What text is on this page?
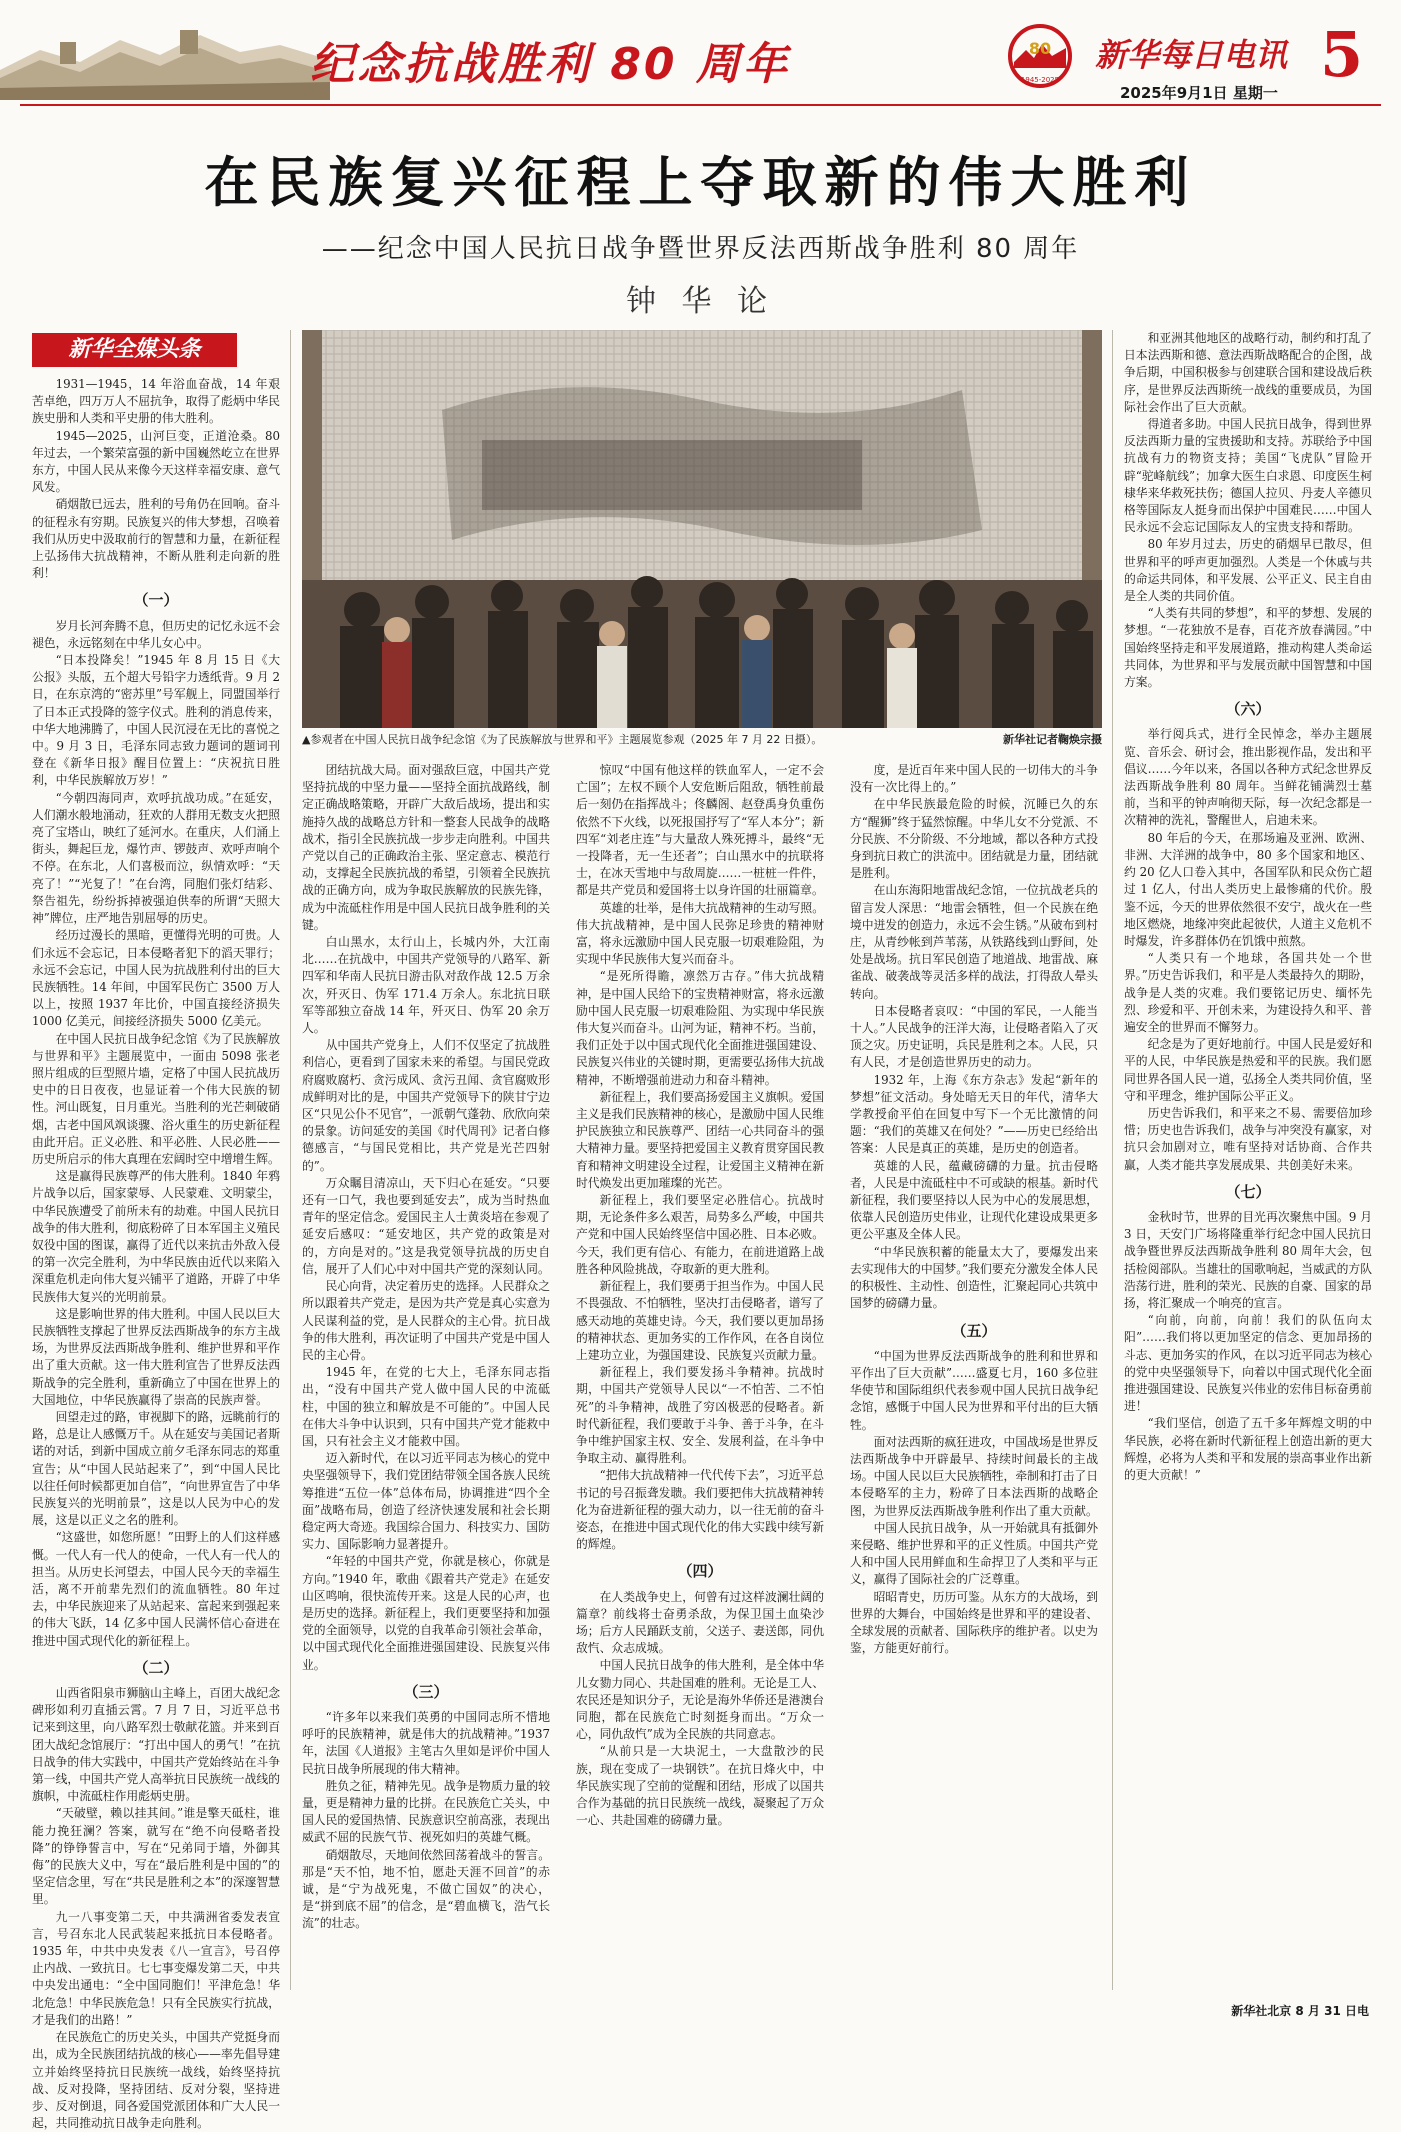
纪念抗战胜利 80 周年	80
1945-2025
新华每日电讯
2025年9月1日 星期一
5
在民族复兴征程上夺取新的伟大胜利
——纪念中国人民抗日战争暨世界反法西斯战争胜利 80 周年
钟 华 论
新华全媒头条
▲参观者在中国人民抗日战争纪念馆《为了民族解放与世界和平》主题展览参观（2025 年 7 月 22 日摄）。	新华社记者鞠焕宗摄

1931—1945，14 年浴血奋战，14 年艰苦卓绝，四万万人不屈抗争，取得了彪炳中华民族史册和人类和平史册的伟大胜利。

1945—2025，山河巨变，正道沧桑。80 年过去，一个繁荣富强的新中国巍然屹立在世界东方，中国人民从来像今天这样幸福安康、意气风发。

硝烟散已远去，胜利的号角仍在回响。奋斗的征程永有穷期。民族复兴的伟大梦想，召唤着我们从历史中汲取前行的智慧和力量，在新征程上弘扬伟大抗战精神，不断从胜利走向新的胜利！

（一）

岁月长河奔腾不息，但历史的记忆永远不会褪色，永远铭刻在中华儿女心中。

“日本投降矣！”1945 年 8 月 15 日《大公报》头版，五个超大号铅字力透纸背。9 月 2 日，在东京湾的“密苏里”号军舰上，同盟国举行了日本正式投降的签字仪式。胜利的消息传来，中华大地沸腾了，中国人民沉浸在无比的喜悦之中。9 月 3 日，毛泽东同志致力题词的题词刊登在《新华日报》醒目位置上：“庆祝抗日胜利，中华民族解放万岁！”

“今朝四海同声，欢呼抗战功成。”在延安，人们潮水般地涌动，狂欢的人群用无数支火把照亮了宝塔山，映红了延河水。在重庆，人们涌上街头，舞起巨龙，爆竹声、锣鼓声、欢呼声响个不停。在东北，人们喜极而泣，纵情欢呼：“天亮了！”“光复了！”在台湾，同胞们张灯结彩、祭告祖先，纷纷拆掉被强迫供奉的所谓“天照大神”牌位，庄严地告别屈辱的历史。

经历过漫长的黑暗，更懂得光明的可贵。人们永远不会忘记，日本侵略者犯下的滔天罪行；永远不会忘记，中国人民为抗战胜利付出的巨大民族牺牲。14 年间，中国军民伤亡 3500 万人以上，按照 1937 年比价，中国直接经济损失 1000 亿美元，间接经济损失 5000 亿美元。

在中国人民抗日战争纪念馆《为了民族解放与世界和平》主题展览中，一面由 5098 张老照片组成的巨型照片墙，定格了中国人民抗战历史中的日日夜夜，也显证着一个伟大民族的韧性。河山既复，日月重光。当胜利的光芒刺破硝烟，古老中国风飒谈骤、浴火重生的历史新征程由此开启。正义必胜、和平必胜、人民必胜——历史所启示的伟大真理在宏阔时空中增增生辉。

这是赢得民族尊严的伟大胜利。1840 年鸦片战争以后，国家蒙辱、人民蒙难、文明蒙尘，中华民族遭受了前所未有的劫难。中国人民抗日战争的伟大胜利，彻底粉碎了日本军国主义殖民奴役中国的图谋，赢得了近代以来抗击外敌入侵的第一次完全胜利，为中华民族由近代以来陷入深重危机走向伟大复兴铺平了道路，开辟了中华民族伟大复兴的光明前景。

这是影响世界的伟大胜利。中国人民以巨大民族牺牲支撑起了世界反法西斯战争的东方主战场，为世界反法西斯战争胜利、维护世界和平作出了重大贡献。这一伟大胜利宣告了世界反法西斯战争的完全胜利，重新确立了中国在世界上的大国地位，中华民族赢得了崇高的民族声誉。

回望走过的路，审视脚下的路，远眺前行的路，总是让人感慨万千。从在延安与美国记者斯诺的对话，到新中国成立前夕毛泽东同志的郑重宣告；从“中国人民站起来了”，到“中国人民比以往任何时候都更加自信”，“向世界宣告了中华民族复兴的光明前景”，这是以人民为中心的发展，这是以正义之名的胜利。

“这盛世，如您所愿！”田野上的人们这样感慨。一代人有一代人的使命，一代人有一代人的担当。从历史长河望去，中国人民今天的幸福生活，离不开前辈先烈们的流血牺牲。80 年过去，中华民族迎来了从站起来、富起来到强起来的伟大飞跃，14 亿多中国人民满怀信心奋进在推进中国式现代化的新征程上。

（二）

山西省阳泉市狮脑山主峰上，百团大战纪念碑形如利刃直插云霄。7 月 7 日，习近平总书记来到这里，向八路军烈士敬献花篮。并来到百团大战纪念馆展厅：“打出中国人的勇气！”在抗日战争的伟大实践中，中国共产党始终站在斗争第一线，中国共产党人高举抗日民族统一战线的旗帜，中流砥柱作用彪炳史册。

“天破壁，赖以挂其间。”谁是擎天砥柱，谁能力挽狂澜？答案，就写在“绝不向侵略者投降”的铮铮誓言中，写在“兄弟同于墙，外御其侮”的民族大义中，写在“最后胜利是中国的”的坚定信念里，写在“共民是胜利之本”的深邃智慧里。

九一八事变第二天，中共满洲省委发表宣言，号召东北人民武装起来抵抗日本侵略者。1935 年，中共中央发表《八一宣言》，号召停止内战、一致抗日。七七事变爆发第二天，中共中央发出通电：“全中国同胞们！平津危急！华北危急！中华民族危急！只有全民族实行抗战，才是我们的出路！”

在民族危亡的历史关头，中国共产党挺身而出，成为全民族团结抗战的核心——率先倡导建立并始终坚持抗日民族统一战线，始终坚持抗战、反对投降，坚持团结、反对分裂，坚持进步、反对倒退，同各爱国党派团体和广大人民一起，共同推动抗日战争走向胜利。

团结抗战大局。面对强敌巨寇，中国共产党坚持抗战的中坚力量——坚持全面抗战路线，制定正确战略策略，开辟广大敌后战场，提出和实施持久战的战略总方针和一整套人民战争的战略战术，指引全民族抗战一步步走向胜利。中国共产党以自己的正确政治主张、坚定意志、模范行动，支撑起全民族抗战的希望，引领着全民族抗战的正确方向，成为争取民族解放的民族先锋，成为中流砥柱作用是中国人民抗日战争胜利的关键。

白山黑水，太行山上，长城内外，大江南北……在抗战中，中国共产党领导的八路军、新四军和华南人民抗日游击队对敌作战 12.5 万余次，歼灭日、伪军 171.4 万余人。东北抗日联军等部独立奋战 14 年，歼灭日、伪军 20 余万人。

从中国共产党身上，人们不仅坚定了抗战胜利信心，更看到了国家未来的希望。与国民党政府腐败腐朽、贪污成风、贪污丑闻、贪官腐败形成鲜明对比的是，中国共产党领导下的陕甘宁边区“只见公仆不见官”，一派朝气蓬勃、欣欣向荣的景象。访问延安的美国《时代周刊》记者白修德感言，“与国民党相比，共产党是光芒四射的”。

万众瞩目清凉山，天下归心在延安。“只要还有一口气，我也要到延安去”，成为当时热血青年的坚定信念。爱国民主人士黄炎培在参观了延安后感叹：“延安地区，共产党的政策是对的，方向是对的。”这是我党领导抗战的历史自信，展开了人们心中对中国共产党的深刻认同。

民心向背，决定着历史的选择。人民群众之所以跟着共产党走，是因为共产党是真心实意为人民谋利益的党，是人民群众的主心骨。抗日战争的伟大胜利，再次证明了中国共产党是中国人民的主心骨。

1945 年，在党的七大上，毛泽东同志指出，“没有中国共产党人做中国人民的中流砥柱，中国的独立和解放是不可能的”。中国人民在伟大斗争中认识到，只有中国共产党才能救中国，只有社会主义才能救中国。

迈入新时代，在以习近平同志为核心的党中央坚强领导下，我们党团结带领全国各族人民统筹推进“五位一体”总体布局，协调推进“四个全面”战略布局，创造了经济快速发展和社会长期稳定两大奇迹。我国综合国力、科技实力、国防实力、国际影响力显著提升。

“年轻的中国共产党，你就是核心，你就是方向。”1940 年，歌曲《跟着共产党走》在延安山区鸣响，很快流传开来。这是人民的心声，也是历史的选择。新征程上，我们更要坚持和加强党的全面领导，以党的自我革命引领社会革命，以中国式现代化全面推进强国建设、民族复兴伟业。

（三）

“许多年以来我们英勇的中国同志所不惜地呼吁的民族精神，就是伟大的抗战精神。”1937 年，法国《人道报》主笔古久里如是评价中国人民抗日战争所展现的伟大精神。

胜负之征，精神先见。战争是物质力量的较量，更是精神力量的比拼。在民族危亡关头，中国人民的爱国热情、民族意识空前高涨，表现出威武不屈的民族气节、视死如归的英雄气概。

硝烟散尽，天地间依然回荡着战斗的誓言。那是“天不怕，地不怕，愿赴天涯不回首”的赤诚，是“宁为战死鬼，不做亡国奴”的决心，是“拼到底不屈”的信念，是“碧血横飞，浩气长流”的壮志。

惊叹“中国有他这样的铁血军人，一定不会亡国”；左权不顾个人安危断后阻敌，牺牲前最后一刻仍在指挥战斗；佟麟阁、赵登禹身负重伤依然不下火线，以死报国抒写了“军人本分”；新四军“刘老庄连”与大量敌人殊死搏斗，最终“无一投降者，无一生还者”；白山黑水中的抗联将士，在冰天雪地中与敌周旋……一桩桩一件件，都是共产党员和爱国将士以身许国的壮丽篇章。

英雄的壮举，是伟大抗战精神的生动写照。伟大抗战精神，是中国人民弥足珍贵的精神财富，将永远激励中国人民克服一切艰难险阻，为实现中华民族伟大复兴而奋斗。

“是死所得瞻，凛然万古存。”伟大抗战精神，是中国人民给下的宝贵精神财富，将永远激励中国人民克服一切艰难险阻、为实现中华民族伟大复兴而奋斗。山河为证，精神不朽。当前，我们正处于以中国式现代化全面推进强国建设、民族复兴伟业的关键时期，更需要弘扬伟大抗战精神，不断增强前进动力和奋斗精神。

新征程上，我们要高扬爱国主义旗帜。爱国主义是我们民族精神的核心，是激励中国人民维护民族独立和民族尊严、团结一心共同奋斗的强大精神力量。要坚持把爱国主义教育贯穿国民教育和精神文明建设全过程，让爱国主义精神在新时代焕发出更加璀璨的光芒。

新征程上，我们要坚定必胜信心。抗战时期，无论条件多么艰苦，局势多么严峻，中国共产党和中国人民始终坚信中国必胜、日本必败。今天，我们更有信心、有能力，在前进道路上战胜各种风险挑战，夺取新的更大胜利。

新征程上，我们要勇于担当作为。中国人民不畏强敌、不怕牺牲，坚决打击侵略者，谱写了感天动地的英雄史诗。今天，我们要以更加昂扬的精神状态、更加务实的工作作风，在各自岗位上建功立业，为强国建设、民族复兴贡献力量。

新征程上，我们要发扬斗争精神。抗战时期，中国共产党领导人民以“一不怕苦、二不怕死”的斗争精神，战胜了穷凶极恶的侵略者。新时代新征程，我们要敢于斗争、善于斗争，在斗争中维护国家主权、安全、发展利益，在斗争中争取主动、赢得胜利。

“把伟大抗战精神一代代传下去”，习近平总书记的号召振聋发聩。我们要把伟大抗战精神转化为奋进新征程的强大动力，以一往无前的奋斗姿态，在推进中国式现代化的伟大实践中续写新的辉煌。

（四）

在人类战争史上，何曾有过这样波澜壮阔的篇章？前线将士奋勇杀敌，为保卫国土血染沙场；后方人民踊跃支前，父送子、妻送郎，同仇敌忾、众志成城。

中国人民抗日战争的伟大胜利，是全体中华儿女勠力同心、共赴国难的胜利。无论是工人、农民还是知识分子，无论是海外华侨还是港澳台同胞，都在民族危亡时刻挺身而出。“万众一心，同仇敌忾”成为全民族的共同意志。

“从前只是一大块泥土，一大盘散沙的民族，现在变成了一块钢铁”。在抗日烽火中，中华民族实现了空前的觉醒和团结，形成了以国共合作为基础的抗日民族统一战线，凝聚起了万众一心、共赴国难的磅礴力量。

度，是近百年来中国人民的一切伟大的斗争没有一次比得上的。”

在中华民族最危险的时候，沉睡已久的东方“醒狮”终于猛然惊醒。中华儿女不分党派、不分民族、不分阶级、不分地域，都以各种方式投身到抗日救亡的洪流中。团结就是力量，团结就是胜利。

在山东海阳地雷战纪念馆，一位抗战老兵的留言发人深思：“地雷会牺牲，但一个民族在绝境中迸发的创造力，永远不会生锈。”从破布到村庄，从青纱帐到芦苇荡，从铁路线到山野间，处处是战场。抗日军民创造了地道战、地雷战、麻雀战、破袭战等灵活多样的战法，打得敌人晕头转向。

日本侵略者哀叹：“中国的军民，一人能当十人。”人民战争的汪洋大海，让侵略者陷入了灭顶之灾。历史证明，兵民是胜利之本。人民，只有人民，才是创造世界历史的动力。

1932 年，上海《东方杂志》发起“新年的梦想”征文活动。身处暗无天日的年代，清华大学教授俞平伯在回复中写下一个无比激情的问题：“我们的英雄又在何处？”——历史已经给出答案：人民是真正的英雄，是历史的创造者。

英雄的人民，蕴藏磅礴的力量。抗击侵略者，人民是中流砥柱中不可或缺的根基。新时代新征程，我们要坚持以人民为中心的发展思想，依靠人民创造历史伟业，让现代化建设成果更多更公平惠及全体人民。

“中华民族积蓄的能量太大了，要爆发出来去实现伟大的中国梦。”我们要充分激发全体人民的积极性、主动性、创造性，汇聚起同心共筑中国梦的磅礴力量。

（五）

“中国为世界反法西斯战争的胜利和世界和平作出了巨大贡献”……盛夏七月，160 多位驻华使节和国际组织代表参观中国人民抗日战争纪念馆，感慨于中国人民为世界和平付出的巨大牺牲。

面对法西斯的疯狂进攻，中国战场是世界反法西斯战争中开辟最早、持续时间最长的主战场。中国人民以巨大民族牺牲，牵制和打击了日本侵略军的主力，粉碎了日本法西斯的战略企图，为世界反法西斯战争胜利作出了重大贡献。

中国人民抗日战争，从一开始就具有抵御外来侵略、维护世界和平的正义性质。中国共产党人和中国人民用鲜血和生命捍卫了人类和平与正义，赢得了国际社会的广泛尊重。

昭昭青史，历历可鉴。从东方的大战场，到世界的大舞台，中国始终是世界和平的建设者、全球发展的贡献者、国际秩序的维护者。以史为鉴，方能更好前行。

和亚洲其他地区的战略行动，制约和打乱了日本法西斯和德、意法西斯战略配合的企图，战争后期，中国积极参与创建联合国和建设战后秩序，是世界反法西斯统一战线的重要成员，为国际社会作出了巨大贡献。

得道者多助。中国人民抗日战争，得到世界反法西斯力量的宝贵援助和支持。苏联给予中国抗战有力的物资支持；美国“飞虎队”冒险开辟“驼峰航线”；加拿大医生白求恩、印度医生柯棣华来华救死扶伤；德国人拉贝、丹麦人辛德贝格等国际友人挺身而出保护中国难民……中国人民永远不会忘记国际友人的宝贵支持和帮助。

80 年岁月过去，历史的硝烟早已散尽，但世界和平的呼声更加强烈。人类是一个休戚与共的命运共同体，和平发展、公平正义、民主自由是全人类的共同价值。

“人类有共同的梦想”，和平的梦想、发展的梦想。“一花独放不是春，百花齐放春满园。”中国始终坚持走和平发展道路，推动构建人类命运共同体，为世界和平与发展贡献中国智慧和中国方案。

（六）

举行阅兵式，进行全民悼念，举办主题展览、音乐会、研讨会，推出影视作品，发出和平倡议……今年以来，各国以各种方式纪念世界反法西斯战争胜利 80 周年。当鲜花铺满烈士墓前，当和平的钟声响彻天际，每一次纪念都是一次精神的洗礼，警醒世人，启迪未来。

80 年后的今天，在那场遍及亚洲、欧洲、非洲、大洋洲的战争中，80 多个国家和地区、约 20 亿人口卷入其中，各国军队和民众伤亡超过 1 亿人，付出人类历史上最惨痛的代价。殷鉴不远，今天的世界依然很不安宁，战火在一些地区燃烧，地缘冲突此起彼伏，人道主义危机不时爆发，许多群体仍在饥饿中煎熬。

“人类只有一个地球，各国共处一个世界。”历史告诉我们，和平是人类最持久的期盼，战争是人类的灾难。我们要铭记历史、缅怀先烈、珍爱和平、开创未来，为建设持久和平、普遍安全的世界而不懈努力。

纪念是为了更好地前行。中国人民是爱好和平的人民，中华民族是热爱和平的民族。我们愿同世界各国人民一道，弘扬全人类共同价值，坚守和平理念，维护国际公平正义。

历史告诉我们，和平来之不易、需要倍加珍惜；历史也告诉我们，战争与冲突没有赢家，对抗只会加剧对立，唯有坚持对话协商、合作共赢，人类才能共享发展成果、共创美好未来。

（七）

金秋时节，世界的目光再次聚焦中国。9 月 3 日，天安门广场将隆重举行纪念中国人民抗日战争暨世界反法西斯战争胜利 80 周年大会，包括检阅部队。当雄壮的国歌响起，当威武的方队浩荡行进，胜利的荣光、民族的自豪、国家的昂扬，将汇聚成一个响亮的宣言。

“向前，向前，向前！我们的队伍向太阳”……我们将以更加坚定的信念、更加昂扬的斗志、更加务实的作风，在以习近平同志为核心的党中央坚强领导下，向着以中国式现代化全面推进强国建设、民族复兴伟业的宏伟目标奋勇前进！

“我们坚信，创造了五千多年辉煌文明的中华民族，必将在新时代新征程上创造出新的更大辉煌，必将为人类和平和发展的崇高事业作出新的更大贡献！”

新华社北京 8 月 31 日电
